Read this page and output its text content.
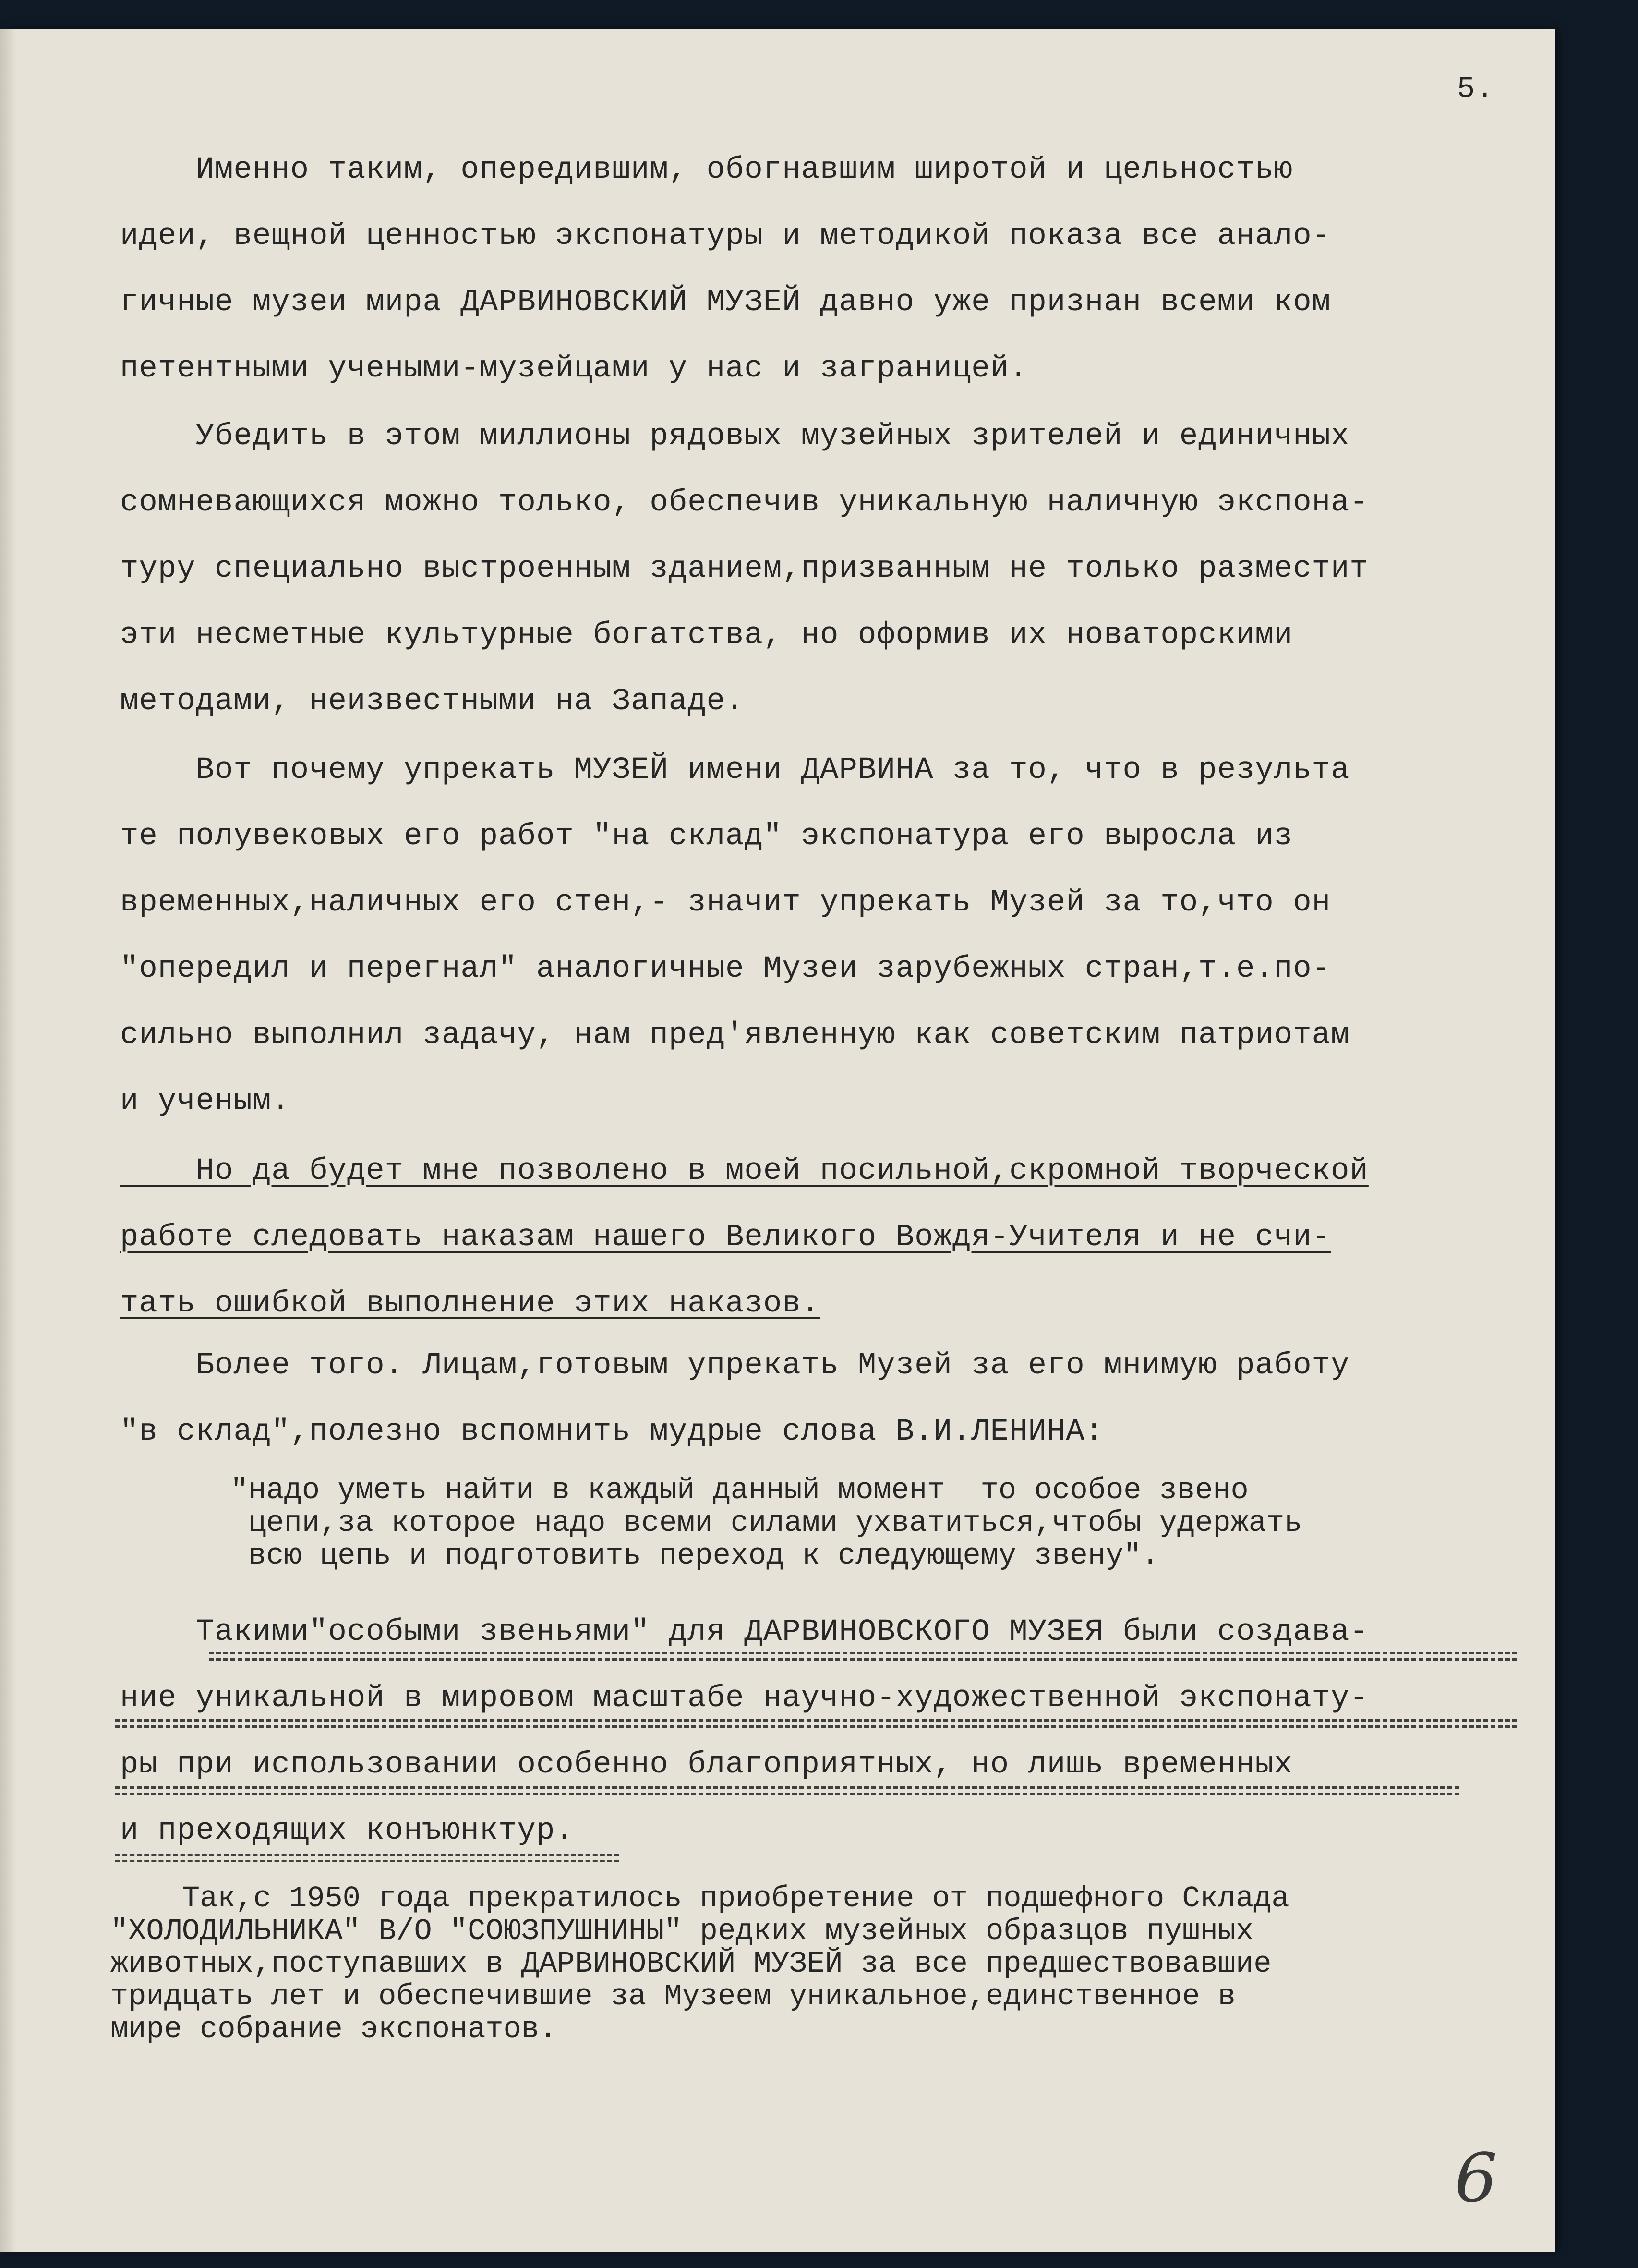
5.

Именно таким, опередившим, обогнавшим широтой и цельностью
идеи, вещной ценностью экспонатуры и методикой показа все анало-
гичные музеи мира ДАРВИНОВСКИЙ МУЗЕЙ давно уже признан всеми ком
петентными учеными-музейцами у нас и заграницей.

Убедить в этом миллионы рядовых музейных зрителей и единичных
сомневающихся можно только, обеспечив уникальную наличную экспона-
туру специально выстроенным зданием,призванным не только разместит
эти несметные культурные богатства, но оформив их новаторскими
методами, неизвестными на Западе.

Вот почему упрекать МУЗЕЙ имени ДАРВИНА за то, что в результа
те полувековых его работ "на склад" экспонатура его выросла из
временных,наличных его стен,- значит упрекать Музей за то,что он
"опередил и перегнал" аналогичные Музеи зарубежных стран,т.е.по-
сильно выполнил задачу, нам пред'явленную как советским патриотам
и ученым.

Но да будет мне позволено в моей посильной,скромной творческой
работе следовать наказам нашего Великого Вождя-Учителя и не счи-
тать ошибкой выполнение этих наказов.

Более того. Лицам,готовым упрекать Музей за его мнимую работу
"в склад",полезно вспомнить мудрые слова В.И.ЛЕНИНА:

"надо уметь найти в каждый данный момент  то особое звено
цепи,за которое надо всеми силами ухватиться,чтобы удержать
всю цепь и подготовить переход к следующему звену".

Такими"особыми звеньями" для ДАРВИНОВСКОГО МУЗЕЯ были создава-
ние уникальной в мировом масштабе научно-художественной экспонату-
ры при использовании особенно благоприятных, но лишь временных
и преходящих конъюнктур.

Так,с 1950 года прекратилось приобретение от подшефного Склада
"ХОЛОДИЛЬНИКА" В/О "СОЮЗПУШНИНЫ" редких музейных образцов пушных
животных,поступавших в ДАРВИНОВСКИЙ МУЗЕЙ за все предшествовавшие
тридцать лет и обеспечившие за Музеем уникальное,единственное в
мире собрание экспонатов.

6
